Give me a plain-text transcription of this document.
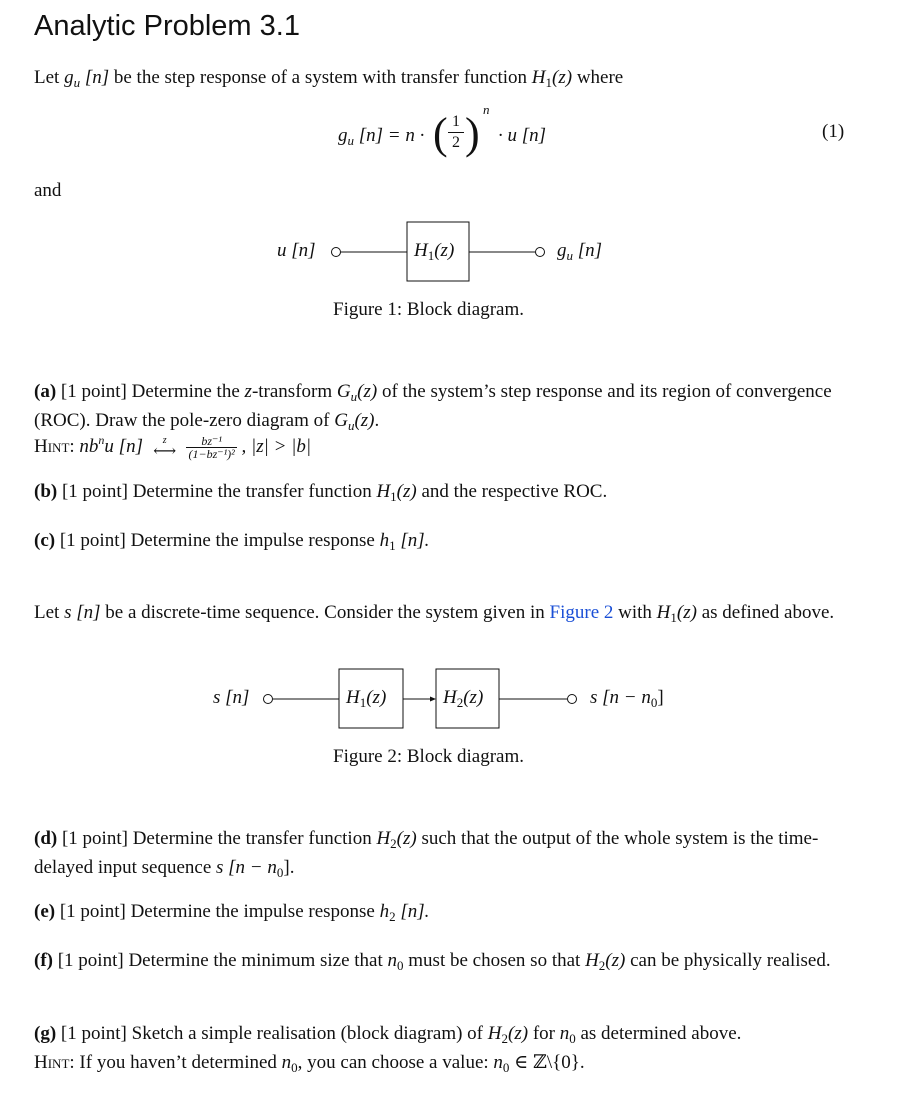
Analytic Problem 3.1
Let $g_u$ [n] be the step response of a system with transfer function $H_1(z)$ where
$g_u$ [n] = n · ( 1
2 ) n
· u [n]	(1)
and
u [n]	$H_1(z)$	$g_u$ [n]
Figure 1: Block diagram.
(a) [1 point] Determine the z-transform $G_u(z)$ of the system’s step response and its region of convergence (ROC). Draw the pole-zero diagram of $G_u(z)$.
Hint: $nb^nu$ [n]	z
⟷
$\frac{\text{bz⁻¹}}{\text{(1−bz⁻¹)²}}$ , |z| > |b|
(b) [1 point] Determine the transfer function $H_1(z)$ and the respective ROC.
(c) [1 point] Determine the impulse response $h_1$ [n].
Let s [n] be a discrete-time sequence. Consider the system given in Figure 2 with $H_1(z)$ as defined above.
s [n]	$H_1(z)$	$H_2(z)$	s $[n - n_0]$
Figure 2: Block diagram.
(d) [1 point] Determine the transfer function $H_2(z)$ such that the output of the whole system is the time-delayed input sequence s $[n - n_0]$.
(e) [1 point] Determine the impulse response $h_2$ [n].
(f) [1 point] Determine the minimum size that $n_0$ must be chosen so that $H_2(z)$ can be physically realised.
(g) [1 point] Sketch a simple realisation (block diagram) of $H_2(z)$ for $n_0$ as determined above.
Hint: If you haven’t determined $n_0$, you can choose a value: $n_0$ ∈ ℤ\{0}.
